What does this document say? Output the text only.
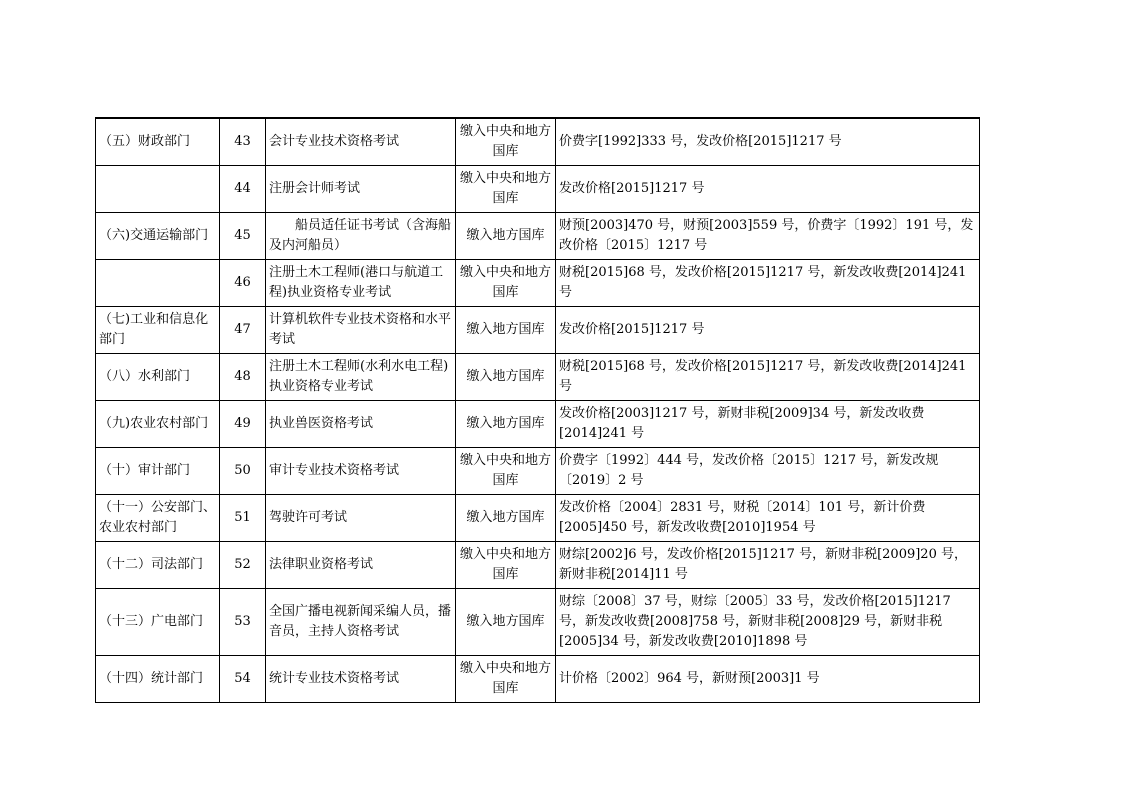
（五）财政部门	43	会计专业技术资格考试	缴入中央和地方国库	价费字[1992]333 号，发改价格[2015]1217 号
	44	注册会计师考试	缴入中央和地方国库	发改价格[2015]1217 号
（六)交通运输部门	45	船员适任证书考试（含海船及内河船员）	缴入地方国库	财预[2003]470 号，财预[2003]559 号，价费字〔1992〕191 号，发改价格〔2015〕1217 号
	46	注册土木工程师(港口与航道工程)执业资格专业考试	缴入中央和地方国库	财税[2015]68 号，发改价格[2015]1217 号，新发改收费[2014]241 号
（七)工业和信息化部门	47	计算机软件专业技术资格和水平考试	缴入地方国库	发改价格[2015]1217 号
（八）水利部门	48	注册土木工程师(水利水电工程)执业资格专业考试	缴入地方国库	财税[2015]68 号，发改价格[2015]1217 号，新发改收费[2014]241 号
（九)农业农村部门	49	执业兽医资格考试	缴入地方国库	发改价格[2003]1217 号，新财非税[2009]34 号，新发改收费[2014]241 号
（十）审计部门	50	审计专业技术资格考试	缴入中央和地方国库	价费字〔1992〕444 号，发改价格〔2015〕1217 号，新发改规〔2019〕2 号
（十一）公安部门、农业农村部门	51	驾驶许可考试	缴入地方国库	发改价格〔2004〕2831 号，财税〔2014〕101 号，新计价费[2005]450 号，新发改收费[2010]1954 号
（十二）司法部门	52	法律职业资格考试	缴入中央和地方国库	财综[2002]6 号，发改价格[2015]1217 号，新财非税[2009]20 号，新财非税[2014]11 号
（十三）广电部门	53	全国广播电视新闻采编人员，播音员，主持人资格考试	缴入地方国库	财综〔2008〕37 号，财综〔2005〕33 号，发改价格[2015]1217 号，新发改收费[2008]758 号，新财非税[2008]29 号，新财非税[2005]34 号，新发改收费[2010]1898 号
（十四）统计部门	54	统计专业技术资格考试	缴入中央和地方国库	计价格〔2002〕964 号，新财预[2003]1 号
